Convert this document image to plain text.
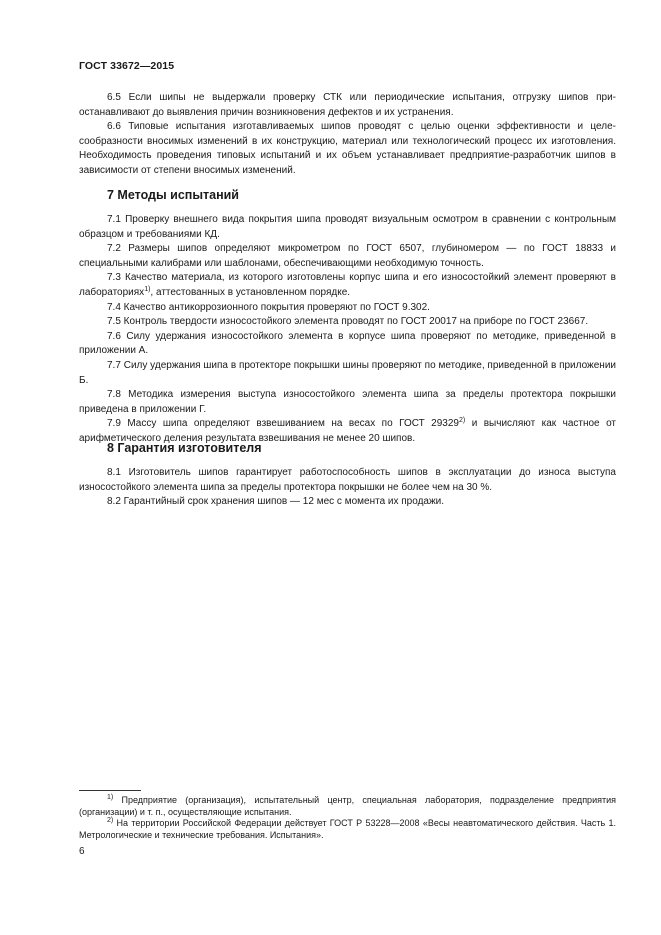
ГОСТ 33672—2015

6.5 Если шипы не выдержали проверку СТК или периодические испытания, отгрузку шипов приостанавливают до выявления причин возникновения дефектов и их устранения.

6.6 Типовые испытания изготавливаемых шипов проводят с целью оценки эффективности и целесообразности вносимых изменений в их конструкцию, материал или технологический процесс их изготовления. Необходимость проведения типовых испытаний и их объем устанавливает предприятие-разработчик шипов в зависимости от степени вносимых изменений.

7 Методы испытаний

7.1 Проверку внешнего вида покрытия шипа проводят визуальным осмотром в сравнении с контрольным образцом и требованиями КД.

7.2 Размеры шипов определяют микрометром по ГОСТ 6507, глубиномером — по ГОСТ 18833 и специальными калибрами или шаблонами, обеспечивающими необходимую точность.

7.3 Качество материала, из которого изготовлены корпус шипа и его износостойкий элемент проверяют в лабораториях$^{1)}$, аттестованных в установленном порядке.

7.4 Качество антикоррозионного покрытия проверяют по ГОСТ 9.302.

7.5 Контроль твердости износостойкого элемента проводят по ГОСТ 20017 на приборе по ГОСТ 23667.

7.6 Силу удержания износостойкого элемента в корпусе шипа проверяют по методике, приведенной в приложении А.

7.7 Силу удержания шипа в протекторе покрышки шины проверяют по методике, приведенной в приложении Б.

7.8 Методика измерения выступа износостойкого элемента шипа за пределы протектора покрышки приведена в приложении Г.

7.9 Массу шипа определяют взвешиванием на весах по ГОСТ 29329$^{2)}$ и вычисляют как частное от арифметического деления результата взвешивания не менее 20 шипов.

8 Гарантия изготовителя

8.1 Изготовитель шипов гарантирует работоспособность шипов в эксплуатации до износа выступа износостойкого элемента шипа за пределы протектора покрышки не более чем на 30 %.

8.2 Гарантийный срок хранения шипов — 12 мес с момента их продажи.

$^{1)}$ Предприятие (организация), испытательный центр, специальная лаборатория, подразделение предприятия (организации) и т. п., осуществляющие испытания.
$^{2)}$ На территории Российской Федерации действует ГОСТ Р 53228—2008 «Весы неавтоматического действия. Часть 1. Метрологические и технические требования. Испытания».
6
